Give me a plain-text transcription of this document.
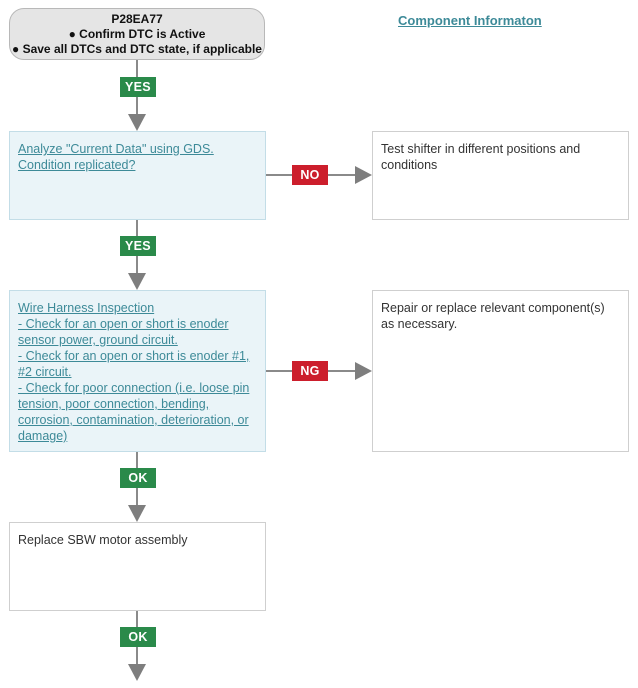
P28EA77
● Confirm DTC is Active
● Save all DTCs and DTC state, if applicable
Component Informaton
YES
Analyze "Current Data" using GDS.
Condition replicated?
NO
Test shifter in different positions and conditions
YES
Wire Harness Inspection
- Check for an open or short is enoder sensor power, ground circuit.
- Check for an open or short is enoder #1, #2 circuit.
- Check for poor connection (i.e. loose pin tension, poor connection, bending, corrosion, contamination, deterioration, or damage)
NG
Repair or replace relevant component(s) as necessary.
OK
Replace SBW motor assembly
OK
